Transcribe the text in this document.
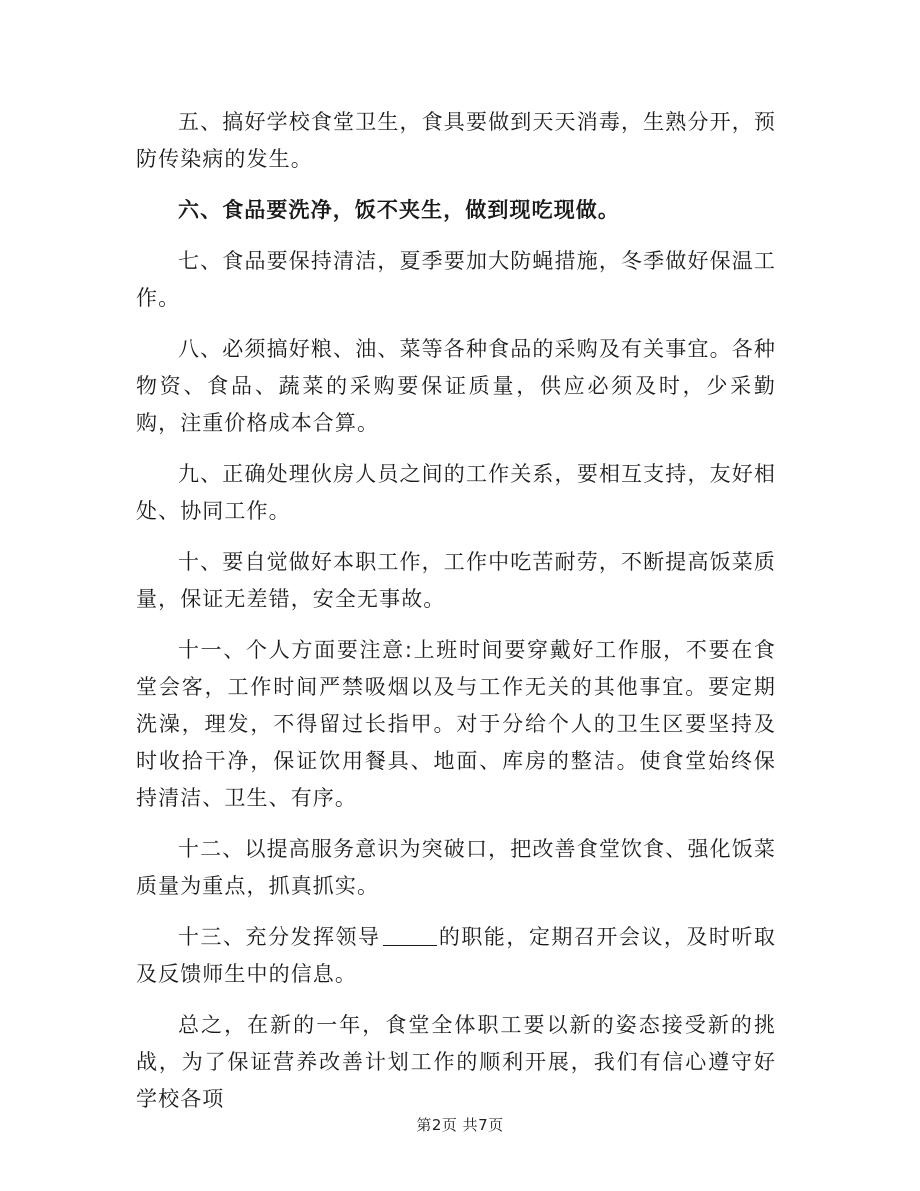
五、搞好学校食堂卫生，食具要做到天天消毒，生熟分开，预防传染病的发生。

六、食品要洗净，饭不夹生，做到现吃现做。

七、食品要保持清洁，夏季要加大防蝇措施，冬季做好保温工作。

八、必须搞好粮、油、菜等各种食品的采购及有关事宜。各种物资、食品、蔬菜的采购要保证质量，供应必须及时，少采勤购，注重价格成本合算。

九、正确处理伙房人员之间的工作关系，要相互支持，友好相处、协同工作。

十、要自觉做好本职工作，工作中吃苦耐劳，不断提高饭菜质量，保证无差错，安全无事故。

十一、个人方面要注意:上班时间要穿戴好工作服，不要在食堂会客，工作时间严禁吸烟以及与工作无关的其他事宜。要定期洗澡，理发，不得留过长指甲。对于分给个人的卫生区要坚持及时收拾干净，保证饮用餐具、地面、库房的整洁。使食堂始终保持清洁、卫生、有序。

十二、以提高服务意识为突破口，把改善食堂饮食、强化饭菜质量为重点，抓真抓实。

十三、充分发挥领导	的职能，定期召开会议，及时听取及反馈师生中的信息。

总之，在新的一年，食堂全体职工要以新的姿态接受新的挑战，为了保证营养改善计划工作的顺利开展，我们有信心遵守好学校各项

第2页 共7页
